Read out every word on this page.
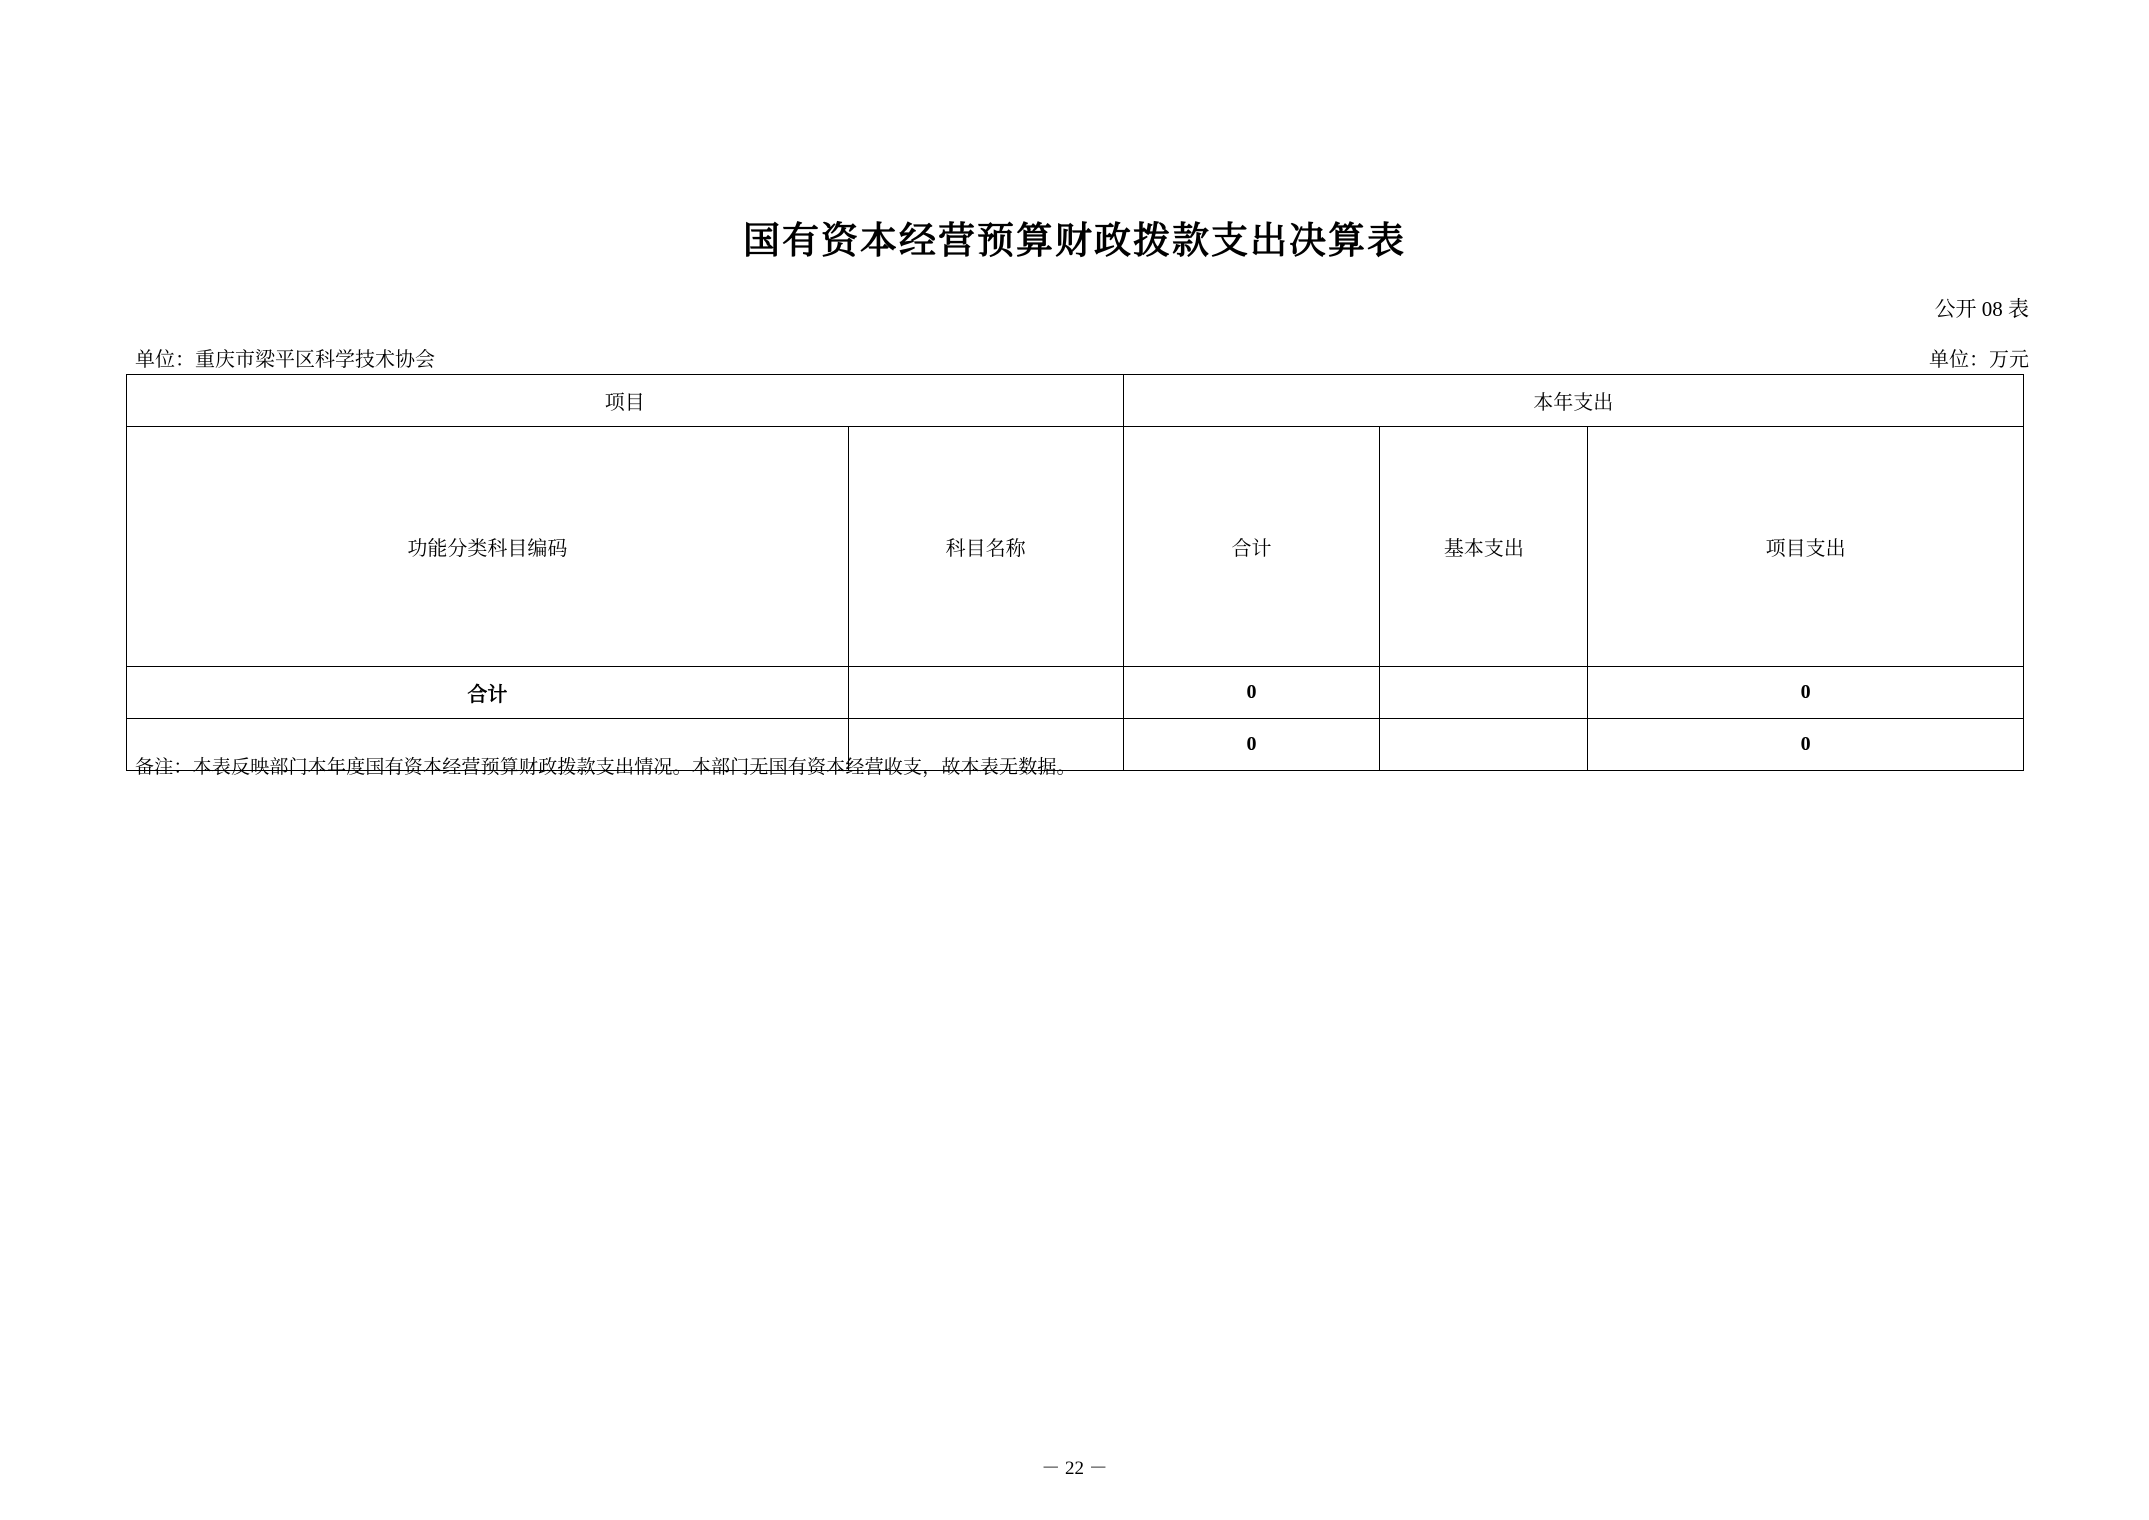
国有资本经营预算财政拨款支出决算表
公开 08 表
单位：重庆市梁平区科学技术协会	单位：万元
项目		本年支出		
功能分类科目编码	科目名称	合计	基本支出	项目支出
合计		0		0
		0		0
备注：本表反映部门本年度国有资本经营预算财政拨款支出情况。本部门无国有资本经营收支，故本表无数据。
－ 22 －
